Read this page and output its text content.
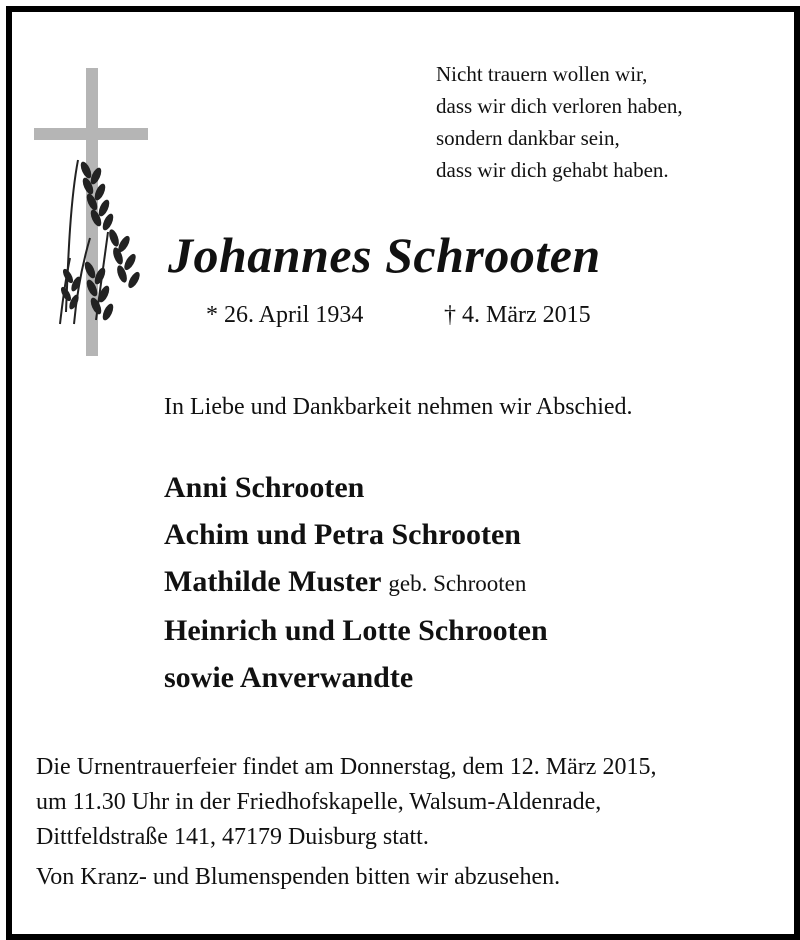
Nicht trauern wollen wir,
dass wir dich verloren haben,
sondern dankbar sein,
dass wir dich gehabt haben.
Johannes Schrooten
* 26. April 1934	† 4. März 2015
In Liebe und Dankbarkeit nehmen wir Abschied.
Anni Schrooten
Achim und Petra Schrooten
Mathilde Muster geb. Schrooten
Heinrich und Lotte Schrooten
sowie Anverwandte
Die Urnentrauerfeier findet am Donnerstag, dem 12. März 2015,
um 11.30 Uhr in der Friedhofskapelle, Walsum-Aldenrade,
Dittfeldstraße 141, 47179 Duisburg statt.
Von Kranz- und Blumenspenden bitten wir abzusehen.
